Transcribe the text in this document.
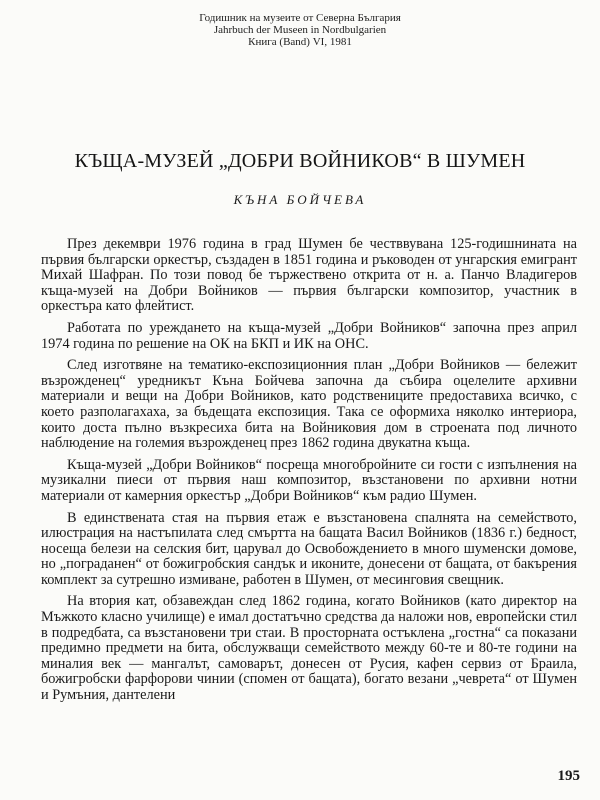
Годишник на музеите от Северна България
Jahrbuch der Museen in Nordbulgarien
Книга (Band) VI, 1981
КЪЩА-МУЗЕЙ „ДОБРИ ВОЙНИКОВ“ В ШУМЕН
КЪНА БОЙЧЕВА

През декември 1976 година в град Шумен бе честввувана 125-годишнината на първия български оркестър, създаден в 1851 година и ръководен от унгарския емигрант Михай Шафран. По този повод бе тържествено открита от н. а. Панчо Владигеров къща-музей на Добри Войников — първия български композитор, участник в оркестъра като флейтист.

Работата по уреждането на къща-музей „Добри Войников“ започна през април 1974 година по решение на ОК на БКП и ИК на ОНС.

След изготвяне на тематико-експозиционния план „Добри Войников — бележит възрожденец“ уредникът Къна Бойчева започна да събира оцелелите архивни материали и вещи на Добри Войников, като родствениците предоставиха всичко, с което разполагахаха, за бъдещата експозиция. Така се оформиха няколко интериора, които доста пълно възкресиха бита на Войниковия дом в строената под личното наблюдение на големия възрожденец през 1862 година двукатна къща.

Къща-музей „Добри Войников“ посреща многобройните си гости с изпълнения на музикални пиеси от първия наш композитор, възстановени по архивни нотни материали от камерния оркестър „Добри Войников“ към радио Шумен.

В единствената стая на първия етаж е възстановена спалнята на семейството, илюстрация на настъпилата след смъртта на бащата Васил Войников (1836 г.) бедност, носеща белези на селския бит, царувал до Освобождението в много шуменски домове, но „пограданен“ от божигробския сандък и иконите, донесени от бащата, от бакърения комплект за сутрешно измиване, работен в Шумен, от месинговия свещник.

На втория кат, обзавеждан след 1862 година, когато Войников (като директор на Мъжкото класно училище) е имал достатъчно средства да наложи нов, европейски стил в подредбата, са възстановени три стаи. В просторната остъклена „гостна“ са показани предимно предмети на бита, обслужващи семейството между 60-те и 80-те години на миналия век — мангалът, самоварът, донесен от Русия, кафен сервиз от Браила, божигробски фарфорови чинии (спомен от бащата), богато везани „чеврета“ от Шумен и Румъния, дантелени

195
